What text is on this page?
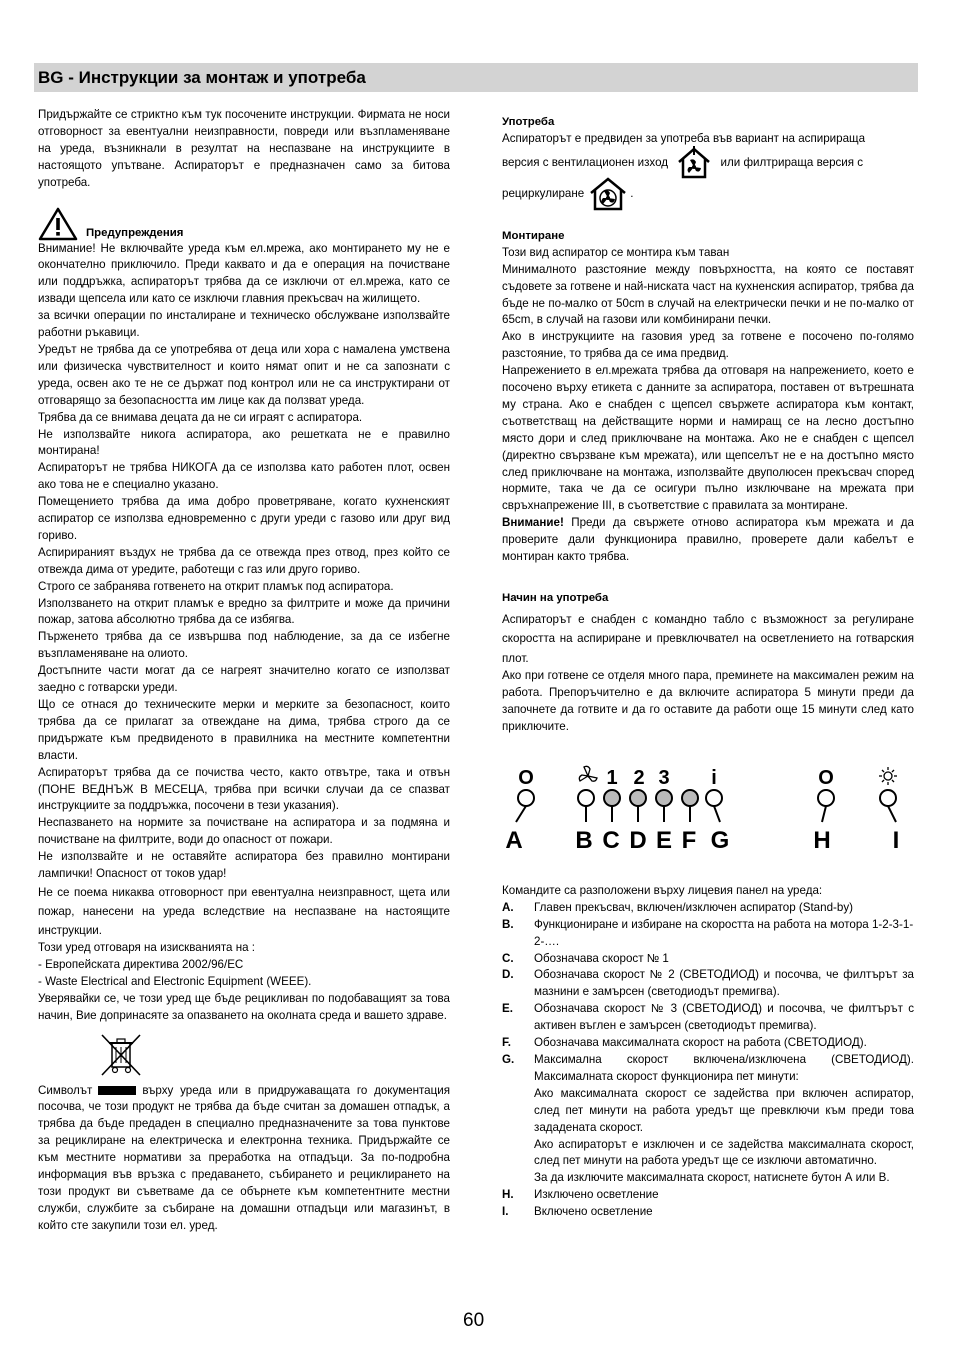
BG - Инструкции за монтаж и употреба

Придържайте се стриктно към тук посочените инструкции. Фирмата не носи отговорност за евентуални неизправности, повреди или възпламеняване на уреда, възникнали в резултат на неспазване на инструкциите в настоящото упътване. Аспираторът е предназначен само за битова употреба.

Предупреждения

Внимание! Не включвайте уреда към ел.мрежа, ако монтирането му не е окончателно приключило. Преди каквато и да е операция на почистване или поддръжка, аспираторът трябва да се изключи от ел.мрежа, като се извади щепсела или като се изключи главния прекъсвач на жилището.

за всички операции по инсталиране и техническо обслужване използвайте работни ръкавици.

Уредът не трябва да се употребява от деца или хора с намалена умствена или физическа чувствителност и които нямат опит и не са запознати с уреда, освен ако те не се държат под контрол или не са инструктирани от отговарящо за безопасността им лице как да ползват уреда.

Трябва да се внимава децата да не си играят с аспиратора.

Не използвайте никога аспиратора, ако решетката не е правилно монтирана!

Аспираторът не трябва НИКОГА да се използва като работен плот, освен ако това не е специално указано.

Помещението трябва да има добро проветряване, когато кухненският аспиратор се използва едновременно с други уреди с газово или друг вид гориво.

Аспирираният въздух не трябва да се отвежда през отвод, през който се отвежда дима от уредите, работещи с газ или друго гориво.

Строго се забранява готвенето на открит пламък под аспиратора.

Използването на открит пламък е вредно за филтрите и може да причини пожар, затова абсолютно трябва да се избягва.

Пърженето трябва да се извършва под наблюдение, за да се избегне възпламеняване на олиото.

Достъпните части могат да се нагреят значително когато се използват заедно с готварски уреди.

Що се отнася до техническите мерки и мерките за безопасност, които трябва да се прилагат за отвеждане на дима, трябва строго да се придържате към предвиденото в правилника на местните компетентни власти.

Аспираторът трябва да се почиства често, както отвътре, така и отвън (ПОНЕ ВЕДНЪЖ В МЕСЕЦА, трябва при всички случаи да се спазват инструкциите за поддръжка, посочени в тези указания).

Неспазването на нормите за почистване на аспиратора и за подмяна и почистване на филтрите, води до опасност от пожари.

Не използвайте и не оставяйте аспиратора без правилно монтирани лампички! Опасност от токов удар!

Не се поема никаква отговорност при евентуална неизправност, щета или пожар, нанесени на уреда вследствие на неспазване на настоящите инструкции.

Този уред отговаря на изискванията на :

- Европейската директива 2002/96/ЕС

- Waste Electrical and Electronic Equipment (WEEE).

Уверявайки се, че този уред ще бъде рецикливан по подобаващият за това начин, Вие допринасяте за опазването на околната среда и вашето здраве.

Символът	върху уреда или в придружаващата го документация посочва, че този продукт не трябва да бъде считан за домашен отпадък, а трябва да бъде предаден в специално предназначените за това пунктове за рециклиране на електрическа и електронна техника. Придържайте се към местните нормативи за преработка на отпадъци. За по-подробна информация във връзка с предаването, събирането и рециклирането на този продукт ви съветваме да се обърнете към компетентните местни служби, службите за събиране на домашни отпадъци или магазинът, в който сте закупили този ел. уред.

Употреба

Аспираторът е предвиден за употреба във вариант на аспирираща

версия с вентилационен изход	или филтрираща версия с

рециркулиране	.

Монтиране

Този вид аспиратор се монтира към таван

Минималното разстояние между повърхността, на която се поставят съдовете за готвене и най-ниската част на кухненския аспиратор, трябва да бъде не по-малко от 50cm в случай на електрически печки и не по-малко от 65cm, в случай на газови или комбинирани печки.

Ако в инструкциите на газовия уред за готвене е посочено по-голямо разстояние, то трябва да се има предвид.

Напрежението в ел.мрежата трябва да отговаря на напрежението, което е посочено върху етикета с данните за аспиратора, поставен от вътрешната му страна. Ако е снабден с щепсел свържете аспиратора към контакт, съответстващ на действащите норми и намиращ се на лесно достъпно място дори и след приключване на монтажа. Ако не е снабден с щепсел (директно свързване към мрежата), или щепселът не е на достъпно място след приключване на монтажа, използвайте двуполюсен прекъсвач според нормите, така че да се осигури пълно изключване на мрежата при свръхнапрежение III, в съответствие с правилата за монтиране.

Внимание! Преди да свържете отново аспиратора към мрежата и да проверите дали функционира правилно, проверете дали кабелът е монтиран както трябва.

Начин на употреба

Аспираторът е снабден с командно табло с възможност за регулиране скоростта на аспириране и превключвател на осветлението на готварския плот.

Ако при готвене се отделя много пара, преминете на максимален режим на работа. Препоръчително е да включите аспиратора 5 минути преди да започнете да готвите и да го оставите да работи още 15 минути след като приключите.

O	1 2 3 i	O
A B C D E F G	H	I

Командите са разположени върху лицевия панел на уреда:

A.	Главен прекъсвач, включен/изключен аспиратор (Stand-by)
B.	Функциониране и избиране на скоростта на работа на мотора 1-2-3-1-2-….
C.	Обозначава скорост № 1
D.	Обозначава скорост № 2 (СВЕТОДИОД) и посочва, че филтърът за мазнини е замърсен (светодиодът премигва).
E.	Обозначава скорост № 3 (СВЕТОДИОД) и посочва, че филтърът с активен въглен е замърсен (светодиодът премигва).
F.	Обозначава максималната скорост на работа (СВЕТОДИОД).
G.	Максимална скорост включена/изключена (СВЕТОДИОД). Максималната скорост функционира пет минути:
Ако максималната скорост се задейства при включен аспиратор, след пет минути на работа уредът ще превключи към преди това зададената скорост.
Ако аспираторът е изключен и се задейства максималната скорост, след пет минути на работа уредът ще се изключи автоматично.
За да изключите максималната скорост, натиснете бутон А или В.
H.	Изключено осветление
I.	Включено осветление
60
